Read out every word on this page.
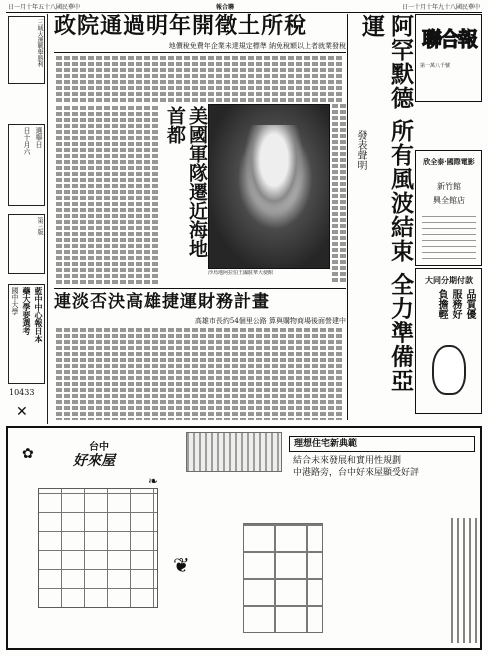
日一月十年五十八國民華中	報合聯	日一十月十年九十八國民華中
三城大選戰舉勝利
選舉日
日十月六
第三版
藍中中心報日本
藥大學要選考
國中大學
10433
✕
政院通過明年開徵土所稅
地價稅免費年企業未達規定標準 納免稅額以上者就業發稅
美國軍隊遷近海地首都
沙烏地阿拉伯王國駐華大使館
連淡否決高雄捷運財務計畫
高雄市長約54個里公路 算與購物商場後面營建中	阿罕默德 所有風波結束 全力準備亞運
發表聲明
聯合報
第一萬八千號
欣全泰·國際電影
新竹館
興全館店
大同分期付款
品質優
服務好
負擔輕
台中
好來屋
理想住宅新典範
結合未來發展和實用性規劃
中港路旁，台中好來屋顯受好評
❦
✿
❧
